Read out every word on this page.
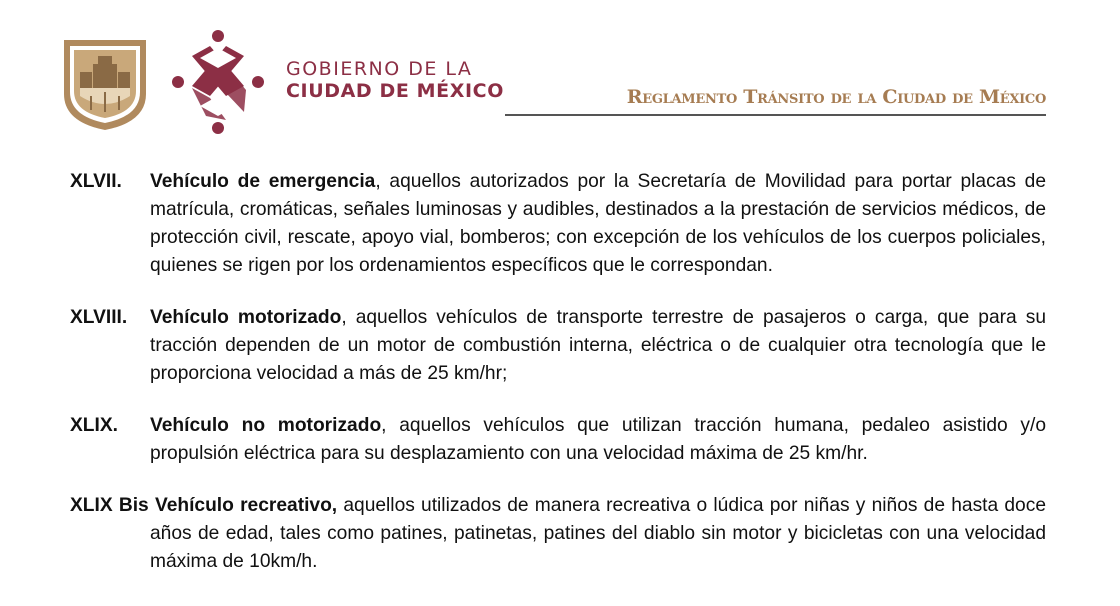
GOBIERNO DE LA
CIUDAD DE MÉXICO	Reglamento Tránsito de la Ciudad de México
XLVII.	Vehículo de emergencia, aquellos autorizados por la Secretaría de Movilidad para portar placas de matrícula, cromáticas, señales luminosas y audibles, destinados a la prestación de servicios médicos, de protección civil, rescate, apoyo vial, bomberos; con excepción de los vehículos de los cuerpos policiales, quienes se rigen por los ordenamientos específicos que le correspondan.
XLVIII.	Vehículo motorizado, aquellos vehículos de transporte terrestre de pasajeros o carga, que para su tracción dependen de un motor de combustión interna, eléctrica o de cualquier otra tecnología que le proporciona velocidad a más de 25 km/hr;
XLIX.	Vehículo no motorizado, aquellos vehículos que utilizan tracción humana, pedaleo asistido y/o propulsión eléctrica para su desplazamiento con una velocidad máxima de 25 km/hr.
XLIX Bis Vehículo recreativo, aquellos utilizados de manera recreativa o lúdica por niñas y niños de hasta doce años de edad, tales como patines, patinetas, patines del diablo sin motor y bicicletas con una velocidad máxima de 10km/h.
